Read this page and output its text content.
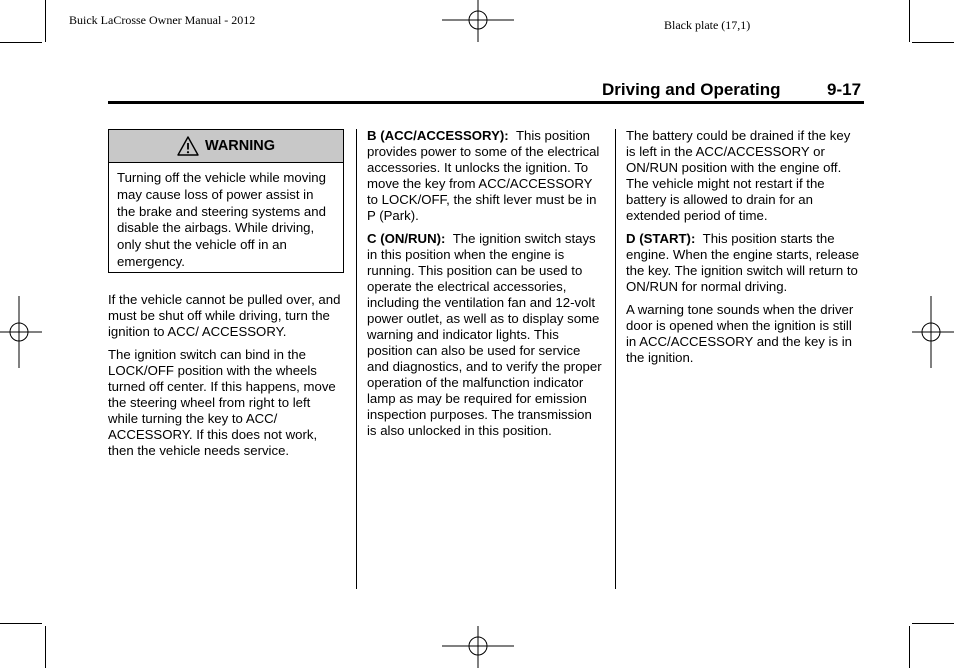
Buick LaCrosse Owner Manual - 2012	Black plate (17,1)
Driving and Operating	9-17
WARNING
Turning off the vehicle while moving may cause loss of power assist in the brake and steering systems and disable the airbags. While driving, only shut the vehicle off in an emergency.

If the vehicle cannot be pulled over, and must be shut off while driving, turn the ignition to ACC/ ACCESSORY.

The ignition switch can bind in the LOCK/OFF position with the wheels turned off center. If this happens, move the steering wheel from right to left while turning the key to ACC/ ACCESSORY. If this does not work, then the vehicle needs service.

B (ACC/ACCESSORY): This position provides power to some of the electrical accessories. It unlocks the ignition. To move the key from ACC/ACCESSORY to LOCK/OFF, the shift lever must be in P (Park).

C (ON/RUN): The ignition switch stays in this position when the engine is running. This position can be used to operate the electrical accessories, including the ventilation fan and 12-volt power outlet, as well as to display some warning and indicator lights. This position can also be used for service and diagnostics, and to verify the proper operation of the malfunction indicator lamp as may be required for emission inspection purposes. The transmission is also unlocked in this position.

The battery could be drained if the key is left in the ACC/ACCESSORY or ON/RUN position with the engine off. The vehicle might not restart if the battery is allowed to drain for an extended period of time.

D (START): This position starts the engine. When the engine starts, release the key. The ignition switch will return to ON/RUN for normal driving.

A warning tone sounds when the driver door is opened when the ignition is still in ACC/ACCESSORY and the key is in the ignition.
